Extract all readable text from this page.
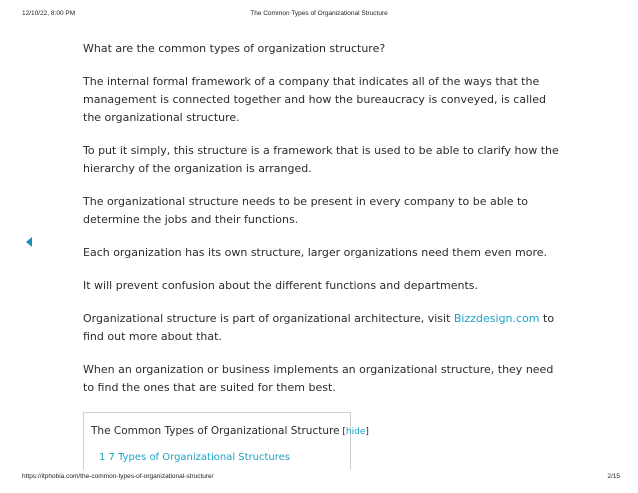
12/10/22, 8:00 PM	The Common Types of Organizational Structure

What are the common types of organization structure?

The internal formal framework of a company that indicates all of the ways that the management is connected together and how the bureaucracy is conveyed, is called the organizational structure.

To put it simply, this structure is a framework that is used to be able to clarify how the hierarchy of the organization is arranged.

The organizational structure needs to be present in every company to be able to determine the jobs and their functions.

Each organization has its own structure, larger organizations need them even more.

It will prevent confusion about the different functions and departments.

Organizational structure is part of organizational architecture, visit Bizzdesign.com to find out more about that.

When an organization or business implements an organizational structure, they need to find the ones that are suited for them best.

The Common Types of Organizational Structure [hide]
1 7 Types of Organizational Structures
https://itphobia.com/the-common-types-of-organizational-structure/	2/15
